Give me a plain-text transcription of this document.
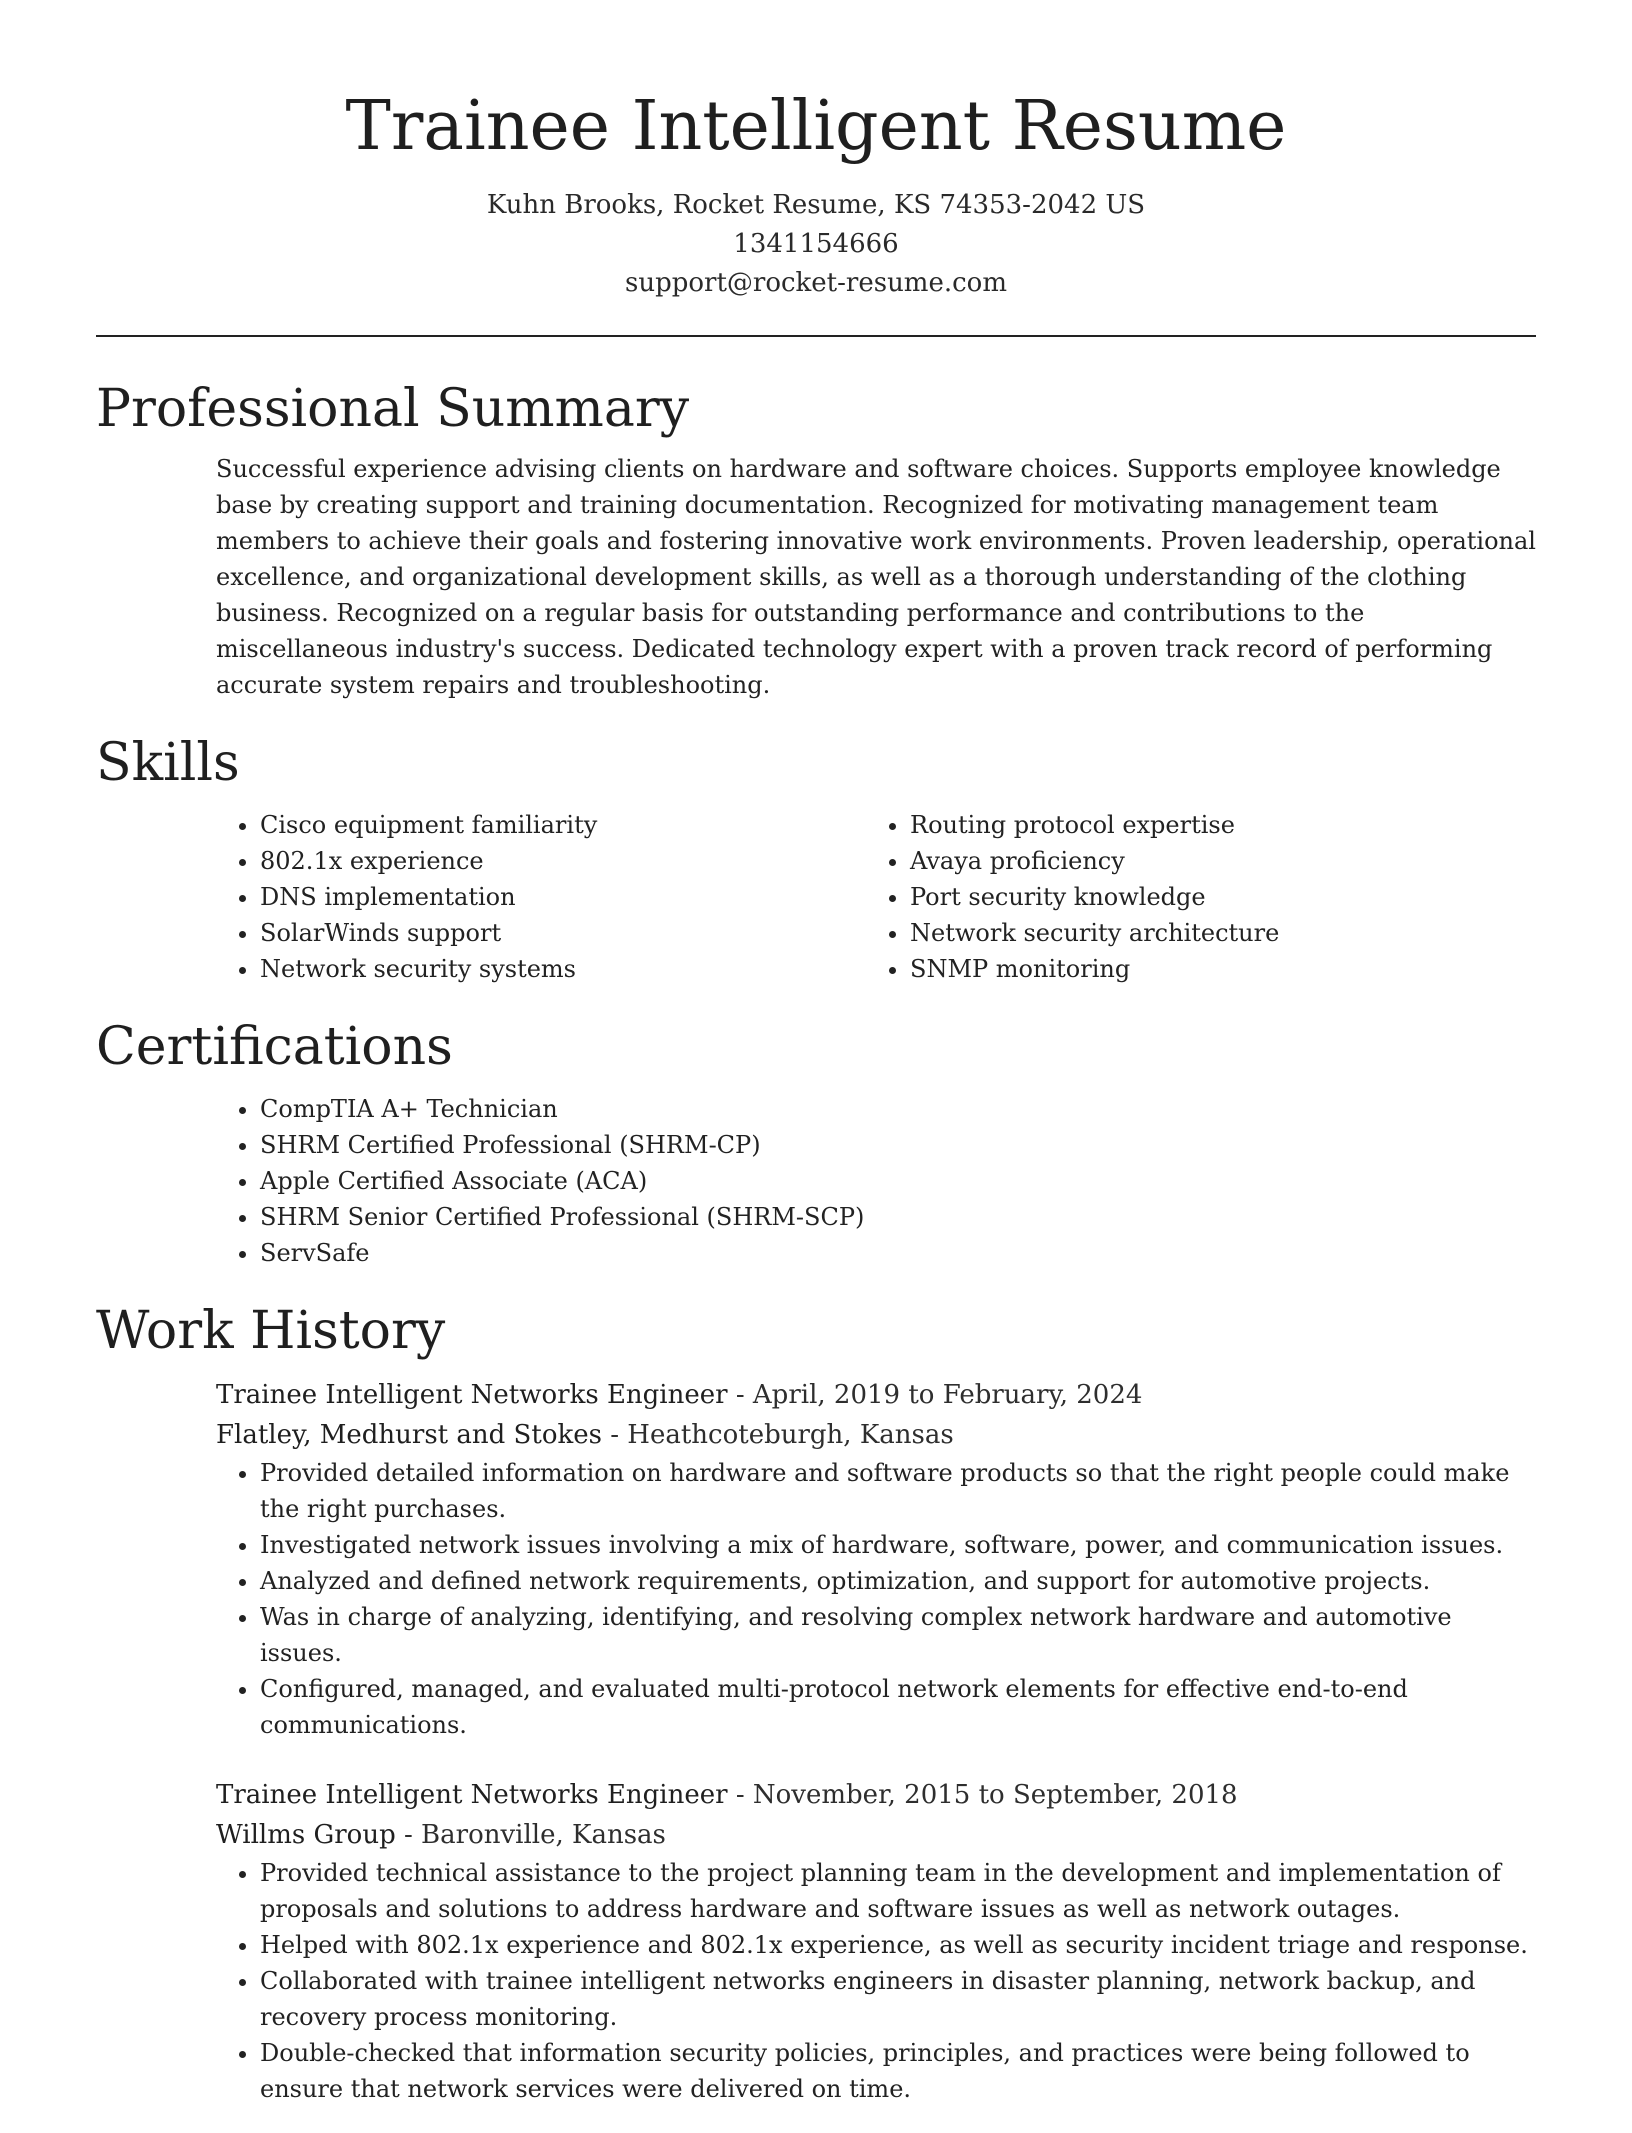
Trainee Intelligent Resume
Kuhn Brooks, Rocket Resume, KS 74353-2042 US
1341154666
support@rocket-resume.com
Professional Summary

Successful experience advising clients on hardware and software choices. Supports employee knowledge base by creating support and training documentation. Recognized for motivating management team members to achieve their goals and fostering innovative work environments. Proven leadership, operational excellence, and organizational development skills, as well as a thorough understanding of the clothing business. Recognized on a regular basis for outstanding performance and contributions to the miscellaneous industry's success. Dedicated technology expert with a proven track record of performing accurate system repairs and troubleshooting.

Skills
• Cisco equipment familiarity
• 802.1x experience
• DNS implementation
• SolarWinds support
• Network security systems
• Routing protocol expertise
• Avaya proficiency
• Port security knowledge
• Network security architecture
• SNMP monitoring
Certifications
• CompTIA A+ Technician
• SHRM Certified Professional (SHRM-CP)
• Apple Certified Associate (ACA)
• SHRM Senior Certified Professional (SHRM-SCP)
• ServSafe
Work History
Trainee Intelligent Networks Engineer - April, 2019 to February, 2024
Flatley, Medhurst and Stokes - Heathcoteburgh, Kansas
• Provided detailed information on hardware and software products so that the right people could make the right purchases.
• Investigated network issues involving a mix of hardware, software, power, and communication issues.
• Analyzed and defined network requirements, optimization, and support for automotive projects.
• Was in charge of analyzing, identifying, and resolving complex network hardware and automotive issues.
• Configured, managed, and evaluated multi-protocol network elements for effective end-to-end communications.
Trainee Intelligent Networks Engineer - November, 2015 to September, 2018
Willms Group - Baronville, Kansas
• Provided technical assistance to the project planning team in the development and implementation of proposals and solutions to address hardware and software issues as well as network outages.
• Helped with 802.1x experience and 802.1x experience, as well as security incident triage and response.
• Collaborated with trainee intelligent networks engineers in disaster planning, network backup, and recovery process monitoring.
• Double-checked that information security policies, principles, and practices were being followed to ensure that network services were delivered on time.
